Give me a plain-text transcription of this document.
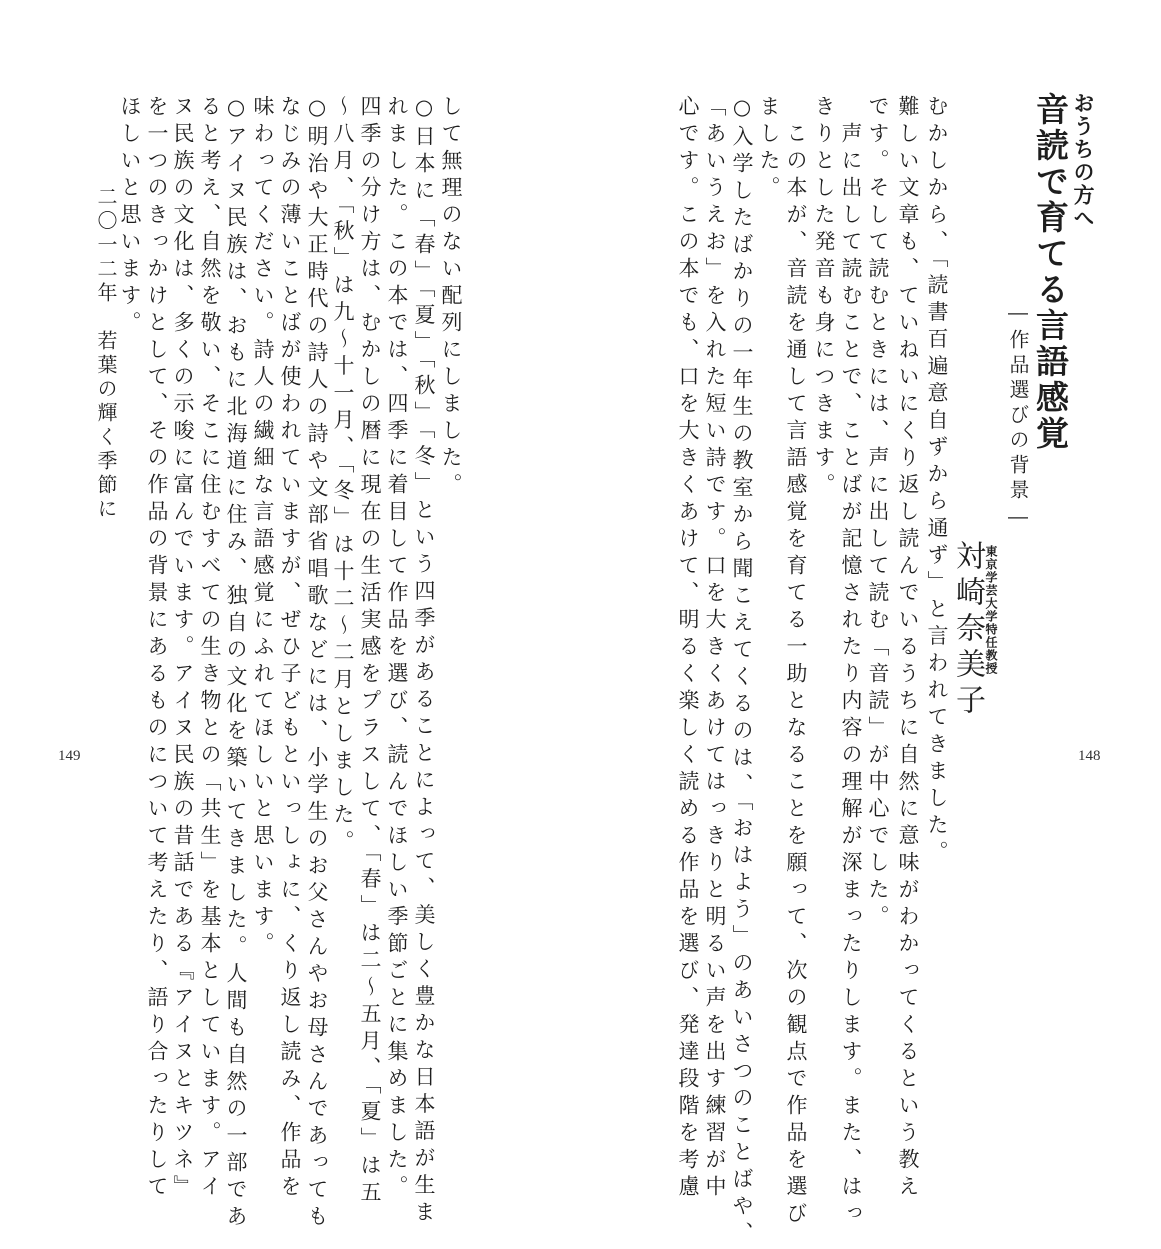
して無理のない配列にしました。
○日本に「春」「夏」「秋」「冬」という四季があることによって、美しく豊かな日本語が生ま
れました。この本では、四季に着目して作品を選び、読んでほしい季節ごとに集めました。
四季の分け方は、むかしの暦に現在の生活実感をプラスして、「春」は二～五月、「夏」は五
～八月、「秋」は九～十一月、「冬」は十二～二月としました。
○明治や大正時代の詩人の詩や文部省唱歌などには、小学生のお父さんやお母さんであっても
なじみの薄いことばが使われていますが、ぜひ子どもといっしょに、くり返し読み、作品を
味わってください。詩人の繊細な言語感覚にふれてほしいと思います。
○アイヌ民族は、おもに北海道に住み、独自の文化を築いてきました。人間も自然の一部であ
ると考え、自然を敬い、そこに住むすべての生き物との「共生」を基本としています。アイ
ヌ民族の文化は、多くの示唆に富んでいます。アイヌ民族の昔話である『アイヌとキツネ』
を一つのきっかけとして、その作品の背景にあるものについて考えたり、語り合ったりして
ほしいと思います。
二〇一二年　若葉の輝く季節に
149
おうちの方へ
音読で育てる言語感覚
―作品選びの背景―
東京学芸大学特任教授
対崎奈美子
むかしから、「読書百遍意自ずから通ず」と言われてきました。
難しい文章も、ていねいにくり返し読んでいるうちに自然に意味がわかってくるという教え
です。そして読むときには、声に出して読む「音読」が中心でした。
　声に出して読むことで、ことばが記憶されたり内容の理解が深まったりします。また、はっ
きりとした発音も身につきます。
　この本が、音読を通して言語感覚を育てる一助となることを願って、次の観点で作品を選び
ました。
○入学したばかりの一年生の教室から聞こえてくるのは、「おはよう」のあいさつのことばや、
「あいうえお」を入れた短い詩です。口を大きくあけてはっきりと明るい声を出す練習が中
心です。この本でも、口を大きくあけて、明るく楽しく読める作品を選び、発達段階を考慮	148
